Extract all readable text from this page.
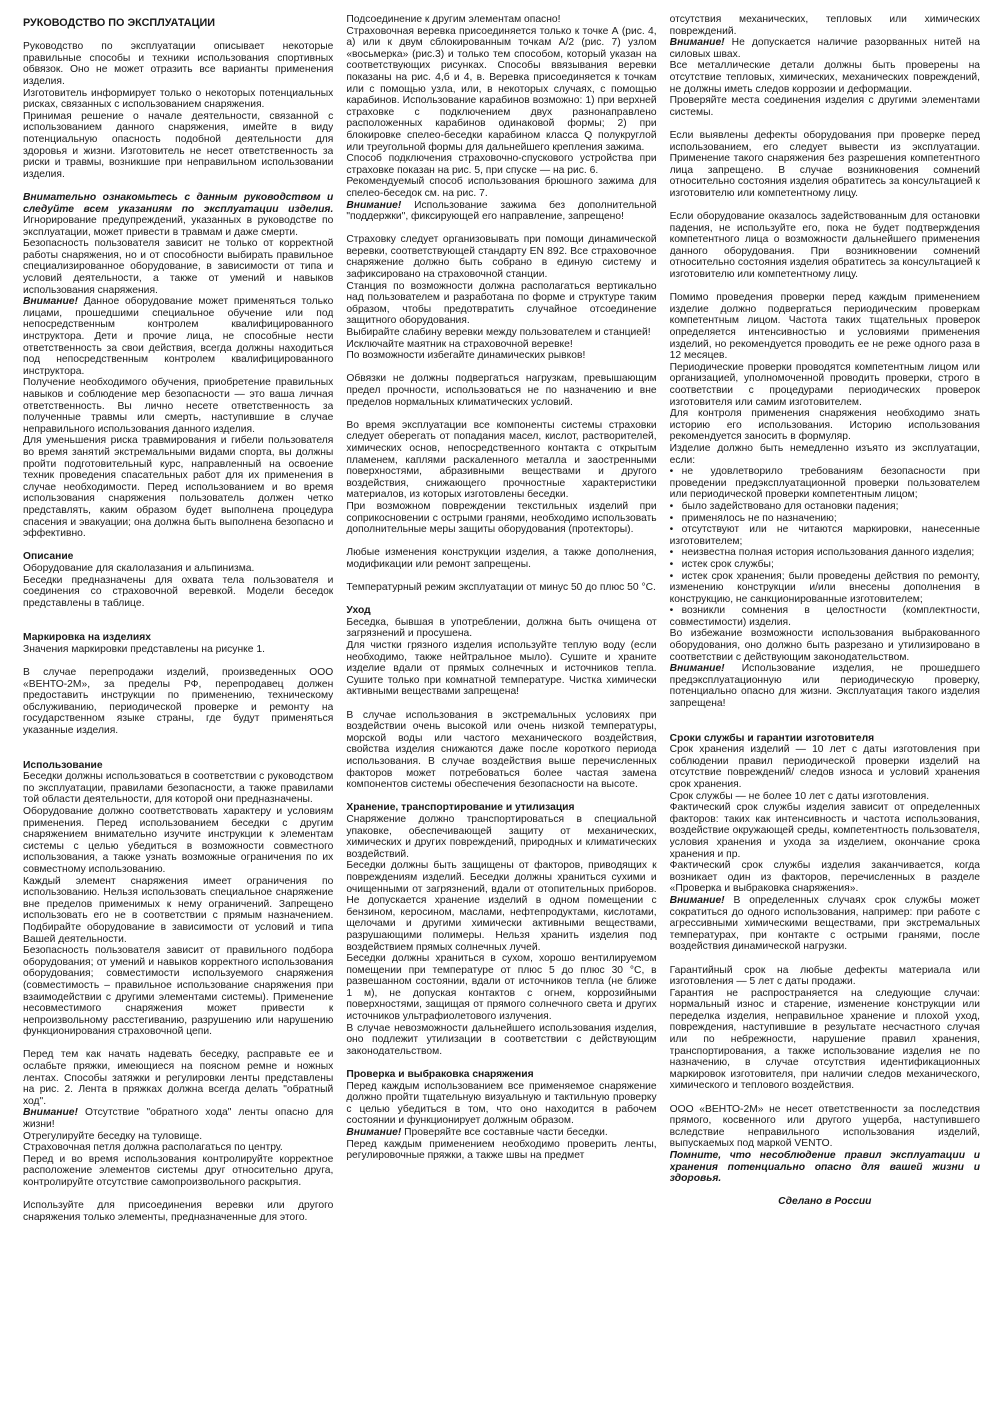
РУКОВОДСТВО ПО ЭКСПЛУАТАЦИИ

Руководство по эксплуатации описывает некоторые правильные способы и техники использования спортивных обвязок. Оно не может отразить все варианты применения изделия.

Изготовитель информирует только о некоторых потенциальных рисках, связанных с использованием снаряжения.

Принимая решение о начале деятельности, связанной с использованием данного снаряжения, имейте в виду потенциальную опасность подобной деятельности для здоровья и жизни. Изготовитель не несет ответственность за риски и травмы, возникшие при неправильном использовании изделия.

Внимательно ознакомьтесь с данным руководством и следуйте всем указаниям по эксплуатации изделия. Игнорирование предупреждений, указанных в руководстве по эксплуатации, может привести в травмам и даже смерти.

Безопасность пользователя зависит не только от корректной работы снаряжения, но и от способности выбирать правильное специализированное оборудование, в зависимости от типа и условий деятельности, а также от умений и навыков использования снаряжения.

Внимание! Данное оборудование может применяться только лицами, прошедшими специальное обучение или под непосредственным контролем квалифицированного инструктора. Дети и прочие лица, не способные нести ответственность за свои действия, всегда должны находиться под непосредственным контролем квалифицированного инструктора.

Получение необходимого обучения, приобретение правильных навыков и соблюдение мер безопасности — это ваша личная ответственность. Вы лично несете ответственность за полученные травмы или смерть, наступившие в случае неправильного использования данного изделия.

Для уменьшения риска травмирования и гибели пользователя во время занятий экстремальными видами спорта, вы должны пройти подготовительный курс, направленный на освоение техник проведения спасательных работ для их применения в случае необходимости. Перед использованием и во время использования снаряжения пользователь должен четко представлять, каким образом будет выполнена процедура спасения и эвакуации; она должна быть выполнена безопасно и эффективно.

Описание

Оборудование для скалолазания и альпинизма.

Беседки предназначены для охвата тела пользователя и соединения со страховочной веревкой. Модели беседок представлены в таблице.

Маркировка на изделиях

Значения маркировки представлены на рисунке 1.

В случае перепродажи изделий, произведенных ООО «ВЕНТО-2М», за пределы РФ, перепродавец должен предоставить инструкции по применению, техническому обслуживанию, периодической проверке и ремонту на государственном языке страны, где будут применяться указанные изделия.

Использование

Беседки должны использоваться в соответствии с руководством по эксплуатации, правилами безопасности, а также правилами той области деятельности, для которой они предназначены.

Оборудование должно соответствовать характеру и условиям применения. Перед использованием беседки с другим снаряжением внимательно изучите инструкции к элементам системы с целью убедиться в возможности совместного использования, а также узнать возможные ограничения по их совместному использованию.

Каждый элемент снаряжения имеет ограничения по использованию. Нельзя использовать специальное снаряжение вне пределов применимых к нему ограничений. Запрещено использовать его не в соответствии с прямым назначением. Подбирайте оборудование в зависимости от условий и типа Вашей деятельности.

Безопасность пользователя зависит от правильного подбора оборудования; от умений и навыков корректного использования оборудования; совместимости используемого снаряжения (совместимость – правильное использование снаряжения при взаимодействии с другими элементами системы). Применение несовместимого снаряжения может привести к непроизвольному расстегиванию, разрушению или нарушению функционирования страховочной цепи.

Перед тем как начать надевать беседку, расправьте ее и ослабьте пряжки, имеющиеся на поясном ремне и ножных лентах. Способы затяжки и регулировки ленты представлены на рис. 2. Лента в пряжках должна всегда делать "обратный ход".

Внимание! Отсутствие "обратного хода" ленты опасно для жизни!

Отрегулируйте беседку на туловище.

Страховочная петля должна располагаться по центру.

Перед и во время использования контролируйте корректное расположение элементов системы друг относительно друга, контролируйте отсутствие самопроизвольного раскрытия.

Используйте для присоединения веревки или другого снаряжения только элементы, предназначенные для этого.

Подсоединение к другим элементам опасно!

Страховочная веревка присоединяется только к точке А (рис. 4, а) или к двум сблокированным точкам А/2 (рис. 7) узлом «восьмерка» (рис.3) и только тем способом, который указан на соответствующих рисунках. Способы ввязывания веревки показаны на рис. 4,б и 4, в. Веревка присоединяется к точкам или с помощью узла, или, в некоторых случаях, с помощью карабинов. Использование карабинов возможно: 1) при верхней страховке с подключением двух разнонаправлено расположенных карабинов одинаковой формы; 2) при блокировке спелео-беседки карабином класса Q полукруглой или треугольной формы для дальнейшего крепления зажима.

Способ подключения страховочно-спускового устройства при страховке показан на рис. 5, при спуске — на рис. 6.

Рекомендуемый способ использования брюшного зажима для спелео-беседок см. на рис. 7.

Внимание! Использование зажима без дополнительной "поддержки", фиксирующей его направление, запрещено!

Страховку следует организовывать при помощи динамической веревки, соответствующей стандарту EN 892. Все страховочное снаряжение должно быть собрано в единую систему и зафиксировано на страховочной станции.

Станция по возможности должна располагаться вертикально над пользователем и разработана по форме и структуре таким образом, чтобы предотвратить случайное отсоединение защитного оборудования.

Выбирайте слабину веревки между пользователем и станцией!

Исключайте маятник на страховочной веревке!

По возможности избегайте динамических рывков!

Обвязки не должны подвергаться нагрузкам, превышающим предел прочности, использоваться не по назначению и вне пределов нормальных климатических условий.

Во время эксплуатации все компоненты системы страховки следует оберегать от попадания масел, кислот, растворителей, химических основ, непосредственного контакта с открытым пламенем, каплями раскаленного металла и заостренными поверхностями, абразивными веществами и другого воздействия, снижающего прочностные характеристики материалов, из которых изготовлены беседки.

При возможном повреждении текстильных изделий при соприкосновении с острыми гранями, необходимо использовать дополнительные меры защиты оборудования (протекторы).

Любые изменения конструкции изделия, а также дополнения, модификации или ремонт запрещены.

Температурный режим эксплуатации от минус 50 до плюс 50 °С.

Уход

Беседка, бывшая в употреблении, должна быть очищена от загрязнений и просушена.

Для чистки грязного изделия используйте теплую воду (если необходимо, также нейтральное мыло). Сушите и храните изделие вдали от прямых солнечных и источников тепла. Сушите только при комнатной температуре. Чистка химически активными веществами запрещена!

В случае использования в экстремальных условиях при воздействии очень высокой или очень низкой температуры, морской воды или частого механического воздействия, свойства изделия снижаются даже после короткого периода использования. В случае воздействия выше перечисленных факторов может потребоваться более частая замена компонентов системы обеспечения безопасности на высоте.

Хранение, транспортирование и утилизация

Снаряжение должно транспортироваться в специальной упаковке, обеспечивающей защиту от механических, химических и других повреждений, природных и климатических воздействий.

Беседки должны быть защищены от факторов, приводящих к повреждениям изделий. Беседки должны храниться сухими и очищенными от загрязнений, вдали от отопительных приборов. Не допускается хранение изделий в одном помещении с бензином, керосином, маслами, нефтепродуктами, кислотами, щелочами и другими химически активными веществами, разрушающими полимеры. Нельзя хранить изделия под воздействием прямых солнечных лучей.

Беседки должны храниться в сухом, хорошо вентилируемом помещении при температуре от плюс 5 до плюс 30 °С, в развешанном состоянии, вдали от источников тепла (не ближе 1 м), не допуская контактов с огнем, коррозийными поверхностями, защищая от прямого солнечного света и других источников ультрафиолетового излучения.

В случае невозможности дальнейшего использования изделия, оно подлежит утилизации в соответствии с действующим законодательством.

Проверка и выбраковка снаряжения

Перед каждым использованием все применяемое снаряжение должно пройти тщательную визуальную и тактильную проверку с целью убедиться в том, что оно находится в рабочем состоянии и функционирует должным образом.

Внимание! Проверяйте все составные части беседки.

Перед каждым применением необходимо проверить ленты, регулировочные пряжки, а также швы на предмет

отсутствия механических, тепловых или химических повреждений.

Внимание! Не допускается наличие разорванных нитей на силовых швах.

Все металлические детали должны быть проверены на отсутствие тепловых, химических, механических повреждений, не должны иметь следов коррозии и деформации.

Проверяйте места соединения изделия с другими элементами системы.

Если выявлены дефекты оборудования при проверке перед использованием, его следует вывести из эксплуатации. Применение такого снаряжения без разрешения компетентного лица запрещено. В случае возникновения сомнений относительно состояния изделия обратитесь за консультацией к изготовителю или компетентному лицу.

Если оборудование оказалось задействованным для остановки падения, не используйте его, пока не будет подтверждения компетентного лица о возможности дальнейшего применения данного оборудования. При возникновении сомнений относительно состояния изделия обратитесь за консультацией к изготовителю или компетентному лицу.

Помимо проведения проверки перед каждым применением изделие должно подвергаться периодическим проверкам компетентным лицом. Частота таких тщательных проверок определяется интенсивностью и условиями применения изделий, но рекомендуется проводить ее не реже одного раза в 12 месяцев.

Периодические проверки проводятся компетентным лицом или организацией, уполномоченной проводить проверки, строго в соответствии с процедурами периодических проверок изготовителя или самим изготовителем.

Для контроля применения снаряжения необходимо знать историю его использования. Историю использования рекомендуется заносить в формуляр.

Изделие должно быть немедленно изъято из эксплуатации, если:

• не удовлетворило требованиям безопасности при проведении предэксплуатационной проверки пользователем или периодической проверки компетентным лицом;

• было задействовано для остановки падения;

• применялось не по назначению;

• отсутствуют или не читаются маркировки, нанесенные изготовителем;

• неизвестна полная история использования данного изделия;

• истек срок службы;

• истек срок хранения; были проведены действия по ремонту, изменению конструкции и/или внесены дополнения в конструкцию, не санкционированные изготовителем;

• возникли сомнения в целостности (комплектности, совместимости) изделия.

Во избежание возможности использования выбракованного оборудования, оно должно быть разрезано и утилизировано в соответствии с действующим законодательством.

Внимание! Использование изделия, не прошедшего предэксплуатационную или периодическую проверку, потенциально опасно для жизни. Эксплуатация такого изделия запрещена!

Сроки службы и гарантии изготовителя

Срок хранения изделий — 10 лет с даты изготовления при соблюдении правил периодической проверки изделий на отсутствие повреждений/ следов износа и условий хранения срок хранения.

Срок службы — не более 10 лет с даты изготовления.

Фактический срок службы изделия зависит от определенных факторов: таких как интенсивность и частота использования, воздействие окружающей среды, компетентность пользователя, условия хранения и ухода за изделием, окончание срока хранения и пр.

Фактический срок службы изделия заканчивается, когда возникает один из факторов, перечисленных в разделе «Проверка и выбраковка снаряжения».

Внимание! В определенных случаях срок службы может сократиться до одного использования, например: при работе с агрессивными химическими веществами, при экстремальных температурах, при контакте с острыми гранями, после воздействия динамической нагрузки.

Гарантийный срок на любые дефекты материала или изготовления — 5 лет с даты продажи.

Гарантия не распространяется на следующие случаи: нормальный износ и старение, изменение конструкции или переделка изделия, неправильное хранение и плохой уход, повреждения, наступившие в результате несчастного случая или по небрежности, нарушение правил хранения, транспортирования, а также использование изделия не по назначению, в случае отсутствия идентификационных маркировок изготовителя, при наличии следов механического, химического и теплового воздействия.

ООО «ВЕНТО-2М» не несет ответственности за последствия прямого, косвенного или другого ущерба, наступившего вследствие неправильного использования изделий, выпускаемых под маркой VENTO.

Помните, что несоблюдение правил эксплуатации и хранения потенциально опасно для вашей жизни и здоровья.

Сделано в России
